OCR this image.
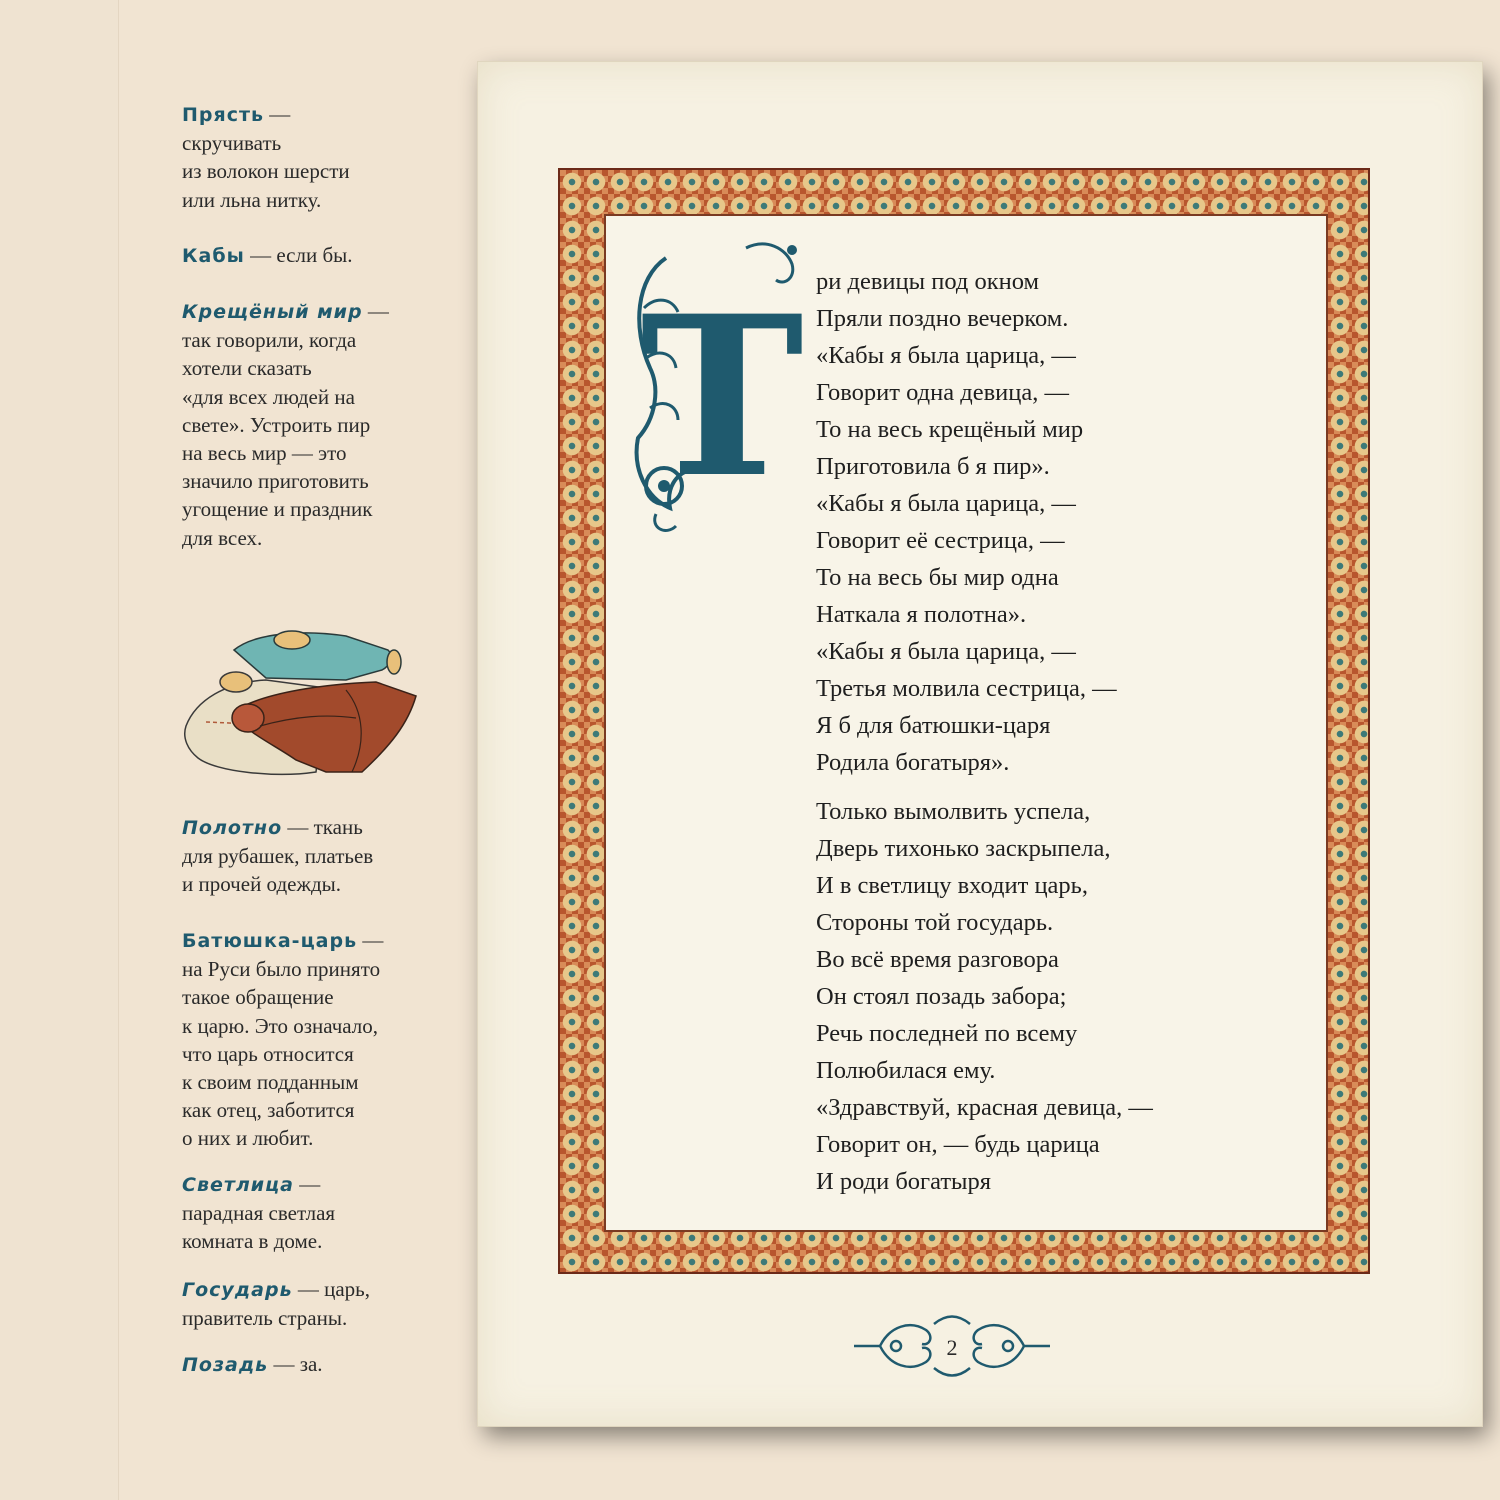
Прясть —
скручивать
из волокон шерсти
или льна нитку.
Кабы — если бы.
Крещёный мир —
так говорили, когда
хотели сказать
«для всех людей на
свете». Устроить пир
на весь мир — это
значило приготовить
угощение и праздник
для всех.
Полотно — ткань
для рубашек, платьев
и прочей одежды.
Батюшка-царь —
на Руси было принято
такое обращение
к царю. Это означало,
что царь относится
к своим подданным
как отец, заботится
о них и любит.
Светлица —
парадная светлая
комната в доме.
Государь — царь,
правитель страны.
Позадь — за.
Т ри девицы под окном
Пряли поздно вечерком.
«Кабы я была царица, —
Говорит одна девица, —
То на весь крещёный мир
Приготовила б я пир».
«Кабы я была царица, —
Говорит её сестрица, —
То на весь бы мир одна
Наткала я полотна».
«Кабы я была царица, —
Третья молвила сестрица, —
Я б для батюшки-царя
Родила богатыря».
Только вымолвить успела,
Дверь тихонько заскрыпела,
И в светлицу входит царь,
Стороны той государь.
Во всё время разговора
Он стоял позадь забора;
Речь последней по всему
Полюбилася ему.
«Здравствуй, красная девица, —
Говорит он, — будь царица
И роди богатыря
2
